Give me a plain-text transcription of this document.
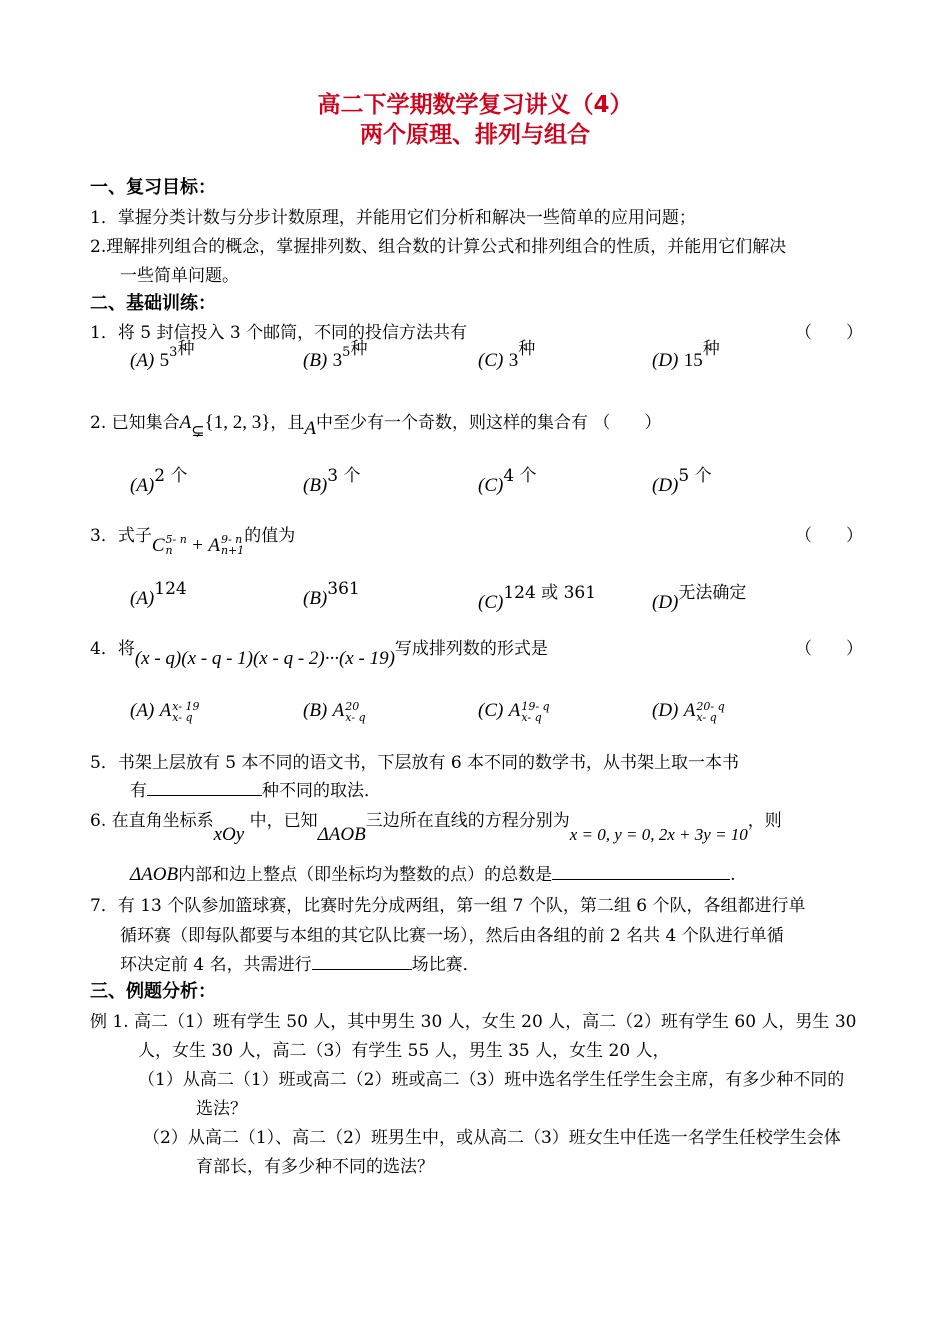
高二下学期数学复习讲义（4）
两个原理、排列与组合
一、复习目标：
1．掌握分类计数与分步计数原理，并能用它们分析和解决一些简单的应用问题；
2.理解排列组合的概念，掌握排列数、组合数的计算公式和排列组合的性质，并能用它们解决
一些简单问题。
二、基础训练：
1．将 5 封信投入 3 个邮筒，不同的投信方法共有	（　　）
(A) $5^3$种
(B) $3^5$种
(C) 3种
(D) 15种
2. 已知集合A⊊{1, 2, 3}，且A中至少有一个奇数，则这样的集合有 （　　）
(A)2 个	(B)3 个	(C)4 个	(D)5 个
3．式子C 5- n
n	+ A 9- n
n+1
的值为	（　　）
(A)124	(B)361
(C)124 或 361	(D)无法确定
4．将(x - q)(x - q - 1)(x - q - 2)···(x - 19)写成排列数的形式是	（　　）
(A) A x- 19
x- q	(B) A 20
x- q	(C) A 19- q
x- q	(D) A 20- q
x- q
5．书架上层放有 5 本不同的语文书，下层放有 6 本不同的数学书，从书架上取一本书
有	种不同的取法．
6. 在直角坐标系xOy 中，已知ΔAOB三边所在直线的方程分别为x = 0, y = 0, 2x + 3y = 10，则
ΔAOB内部和边上整点（即坐标均为整数的点）的总数是	.
7．有 13 个队参加篮球赛，比赛时先分成两组，第一组 7 个队，第二组 6 个队，各组都进行单
循环赛（即每队都要与本组的其它队比赛一场），然后由各组的前 2 名共 4 个队进行单循
环决定前 4 名，共需进行	场比赛．
三、例题分析：
例 1. 高二（1）班有学生 50 人，其中男生 30 人，女生 20 人，高二（2）班有学生 60 人，男生 30
人，女生 30 人，高二（3）有学生 55 人，男生 35 人，女生 20 人，
（1）从高二（1）班或高二（2）班或高二（3）班中选名学生任学生会主席，有多少种不同的
选法？
（2）从高二（1）、高二（2）班男生中，或从高二（3）班女生中任选一名学生任校学生会体
育部长，有多少种不同的选法？
